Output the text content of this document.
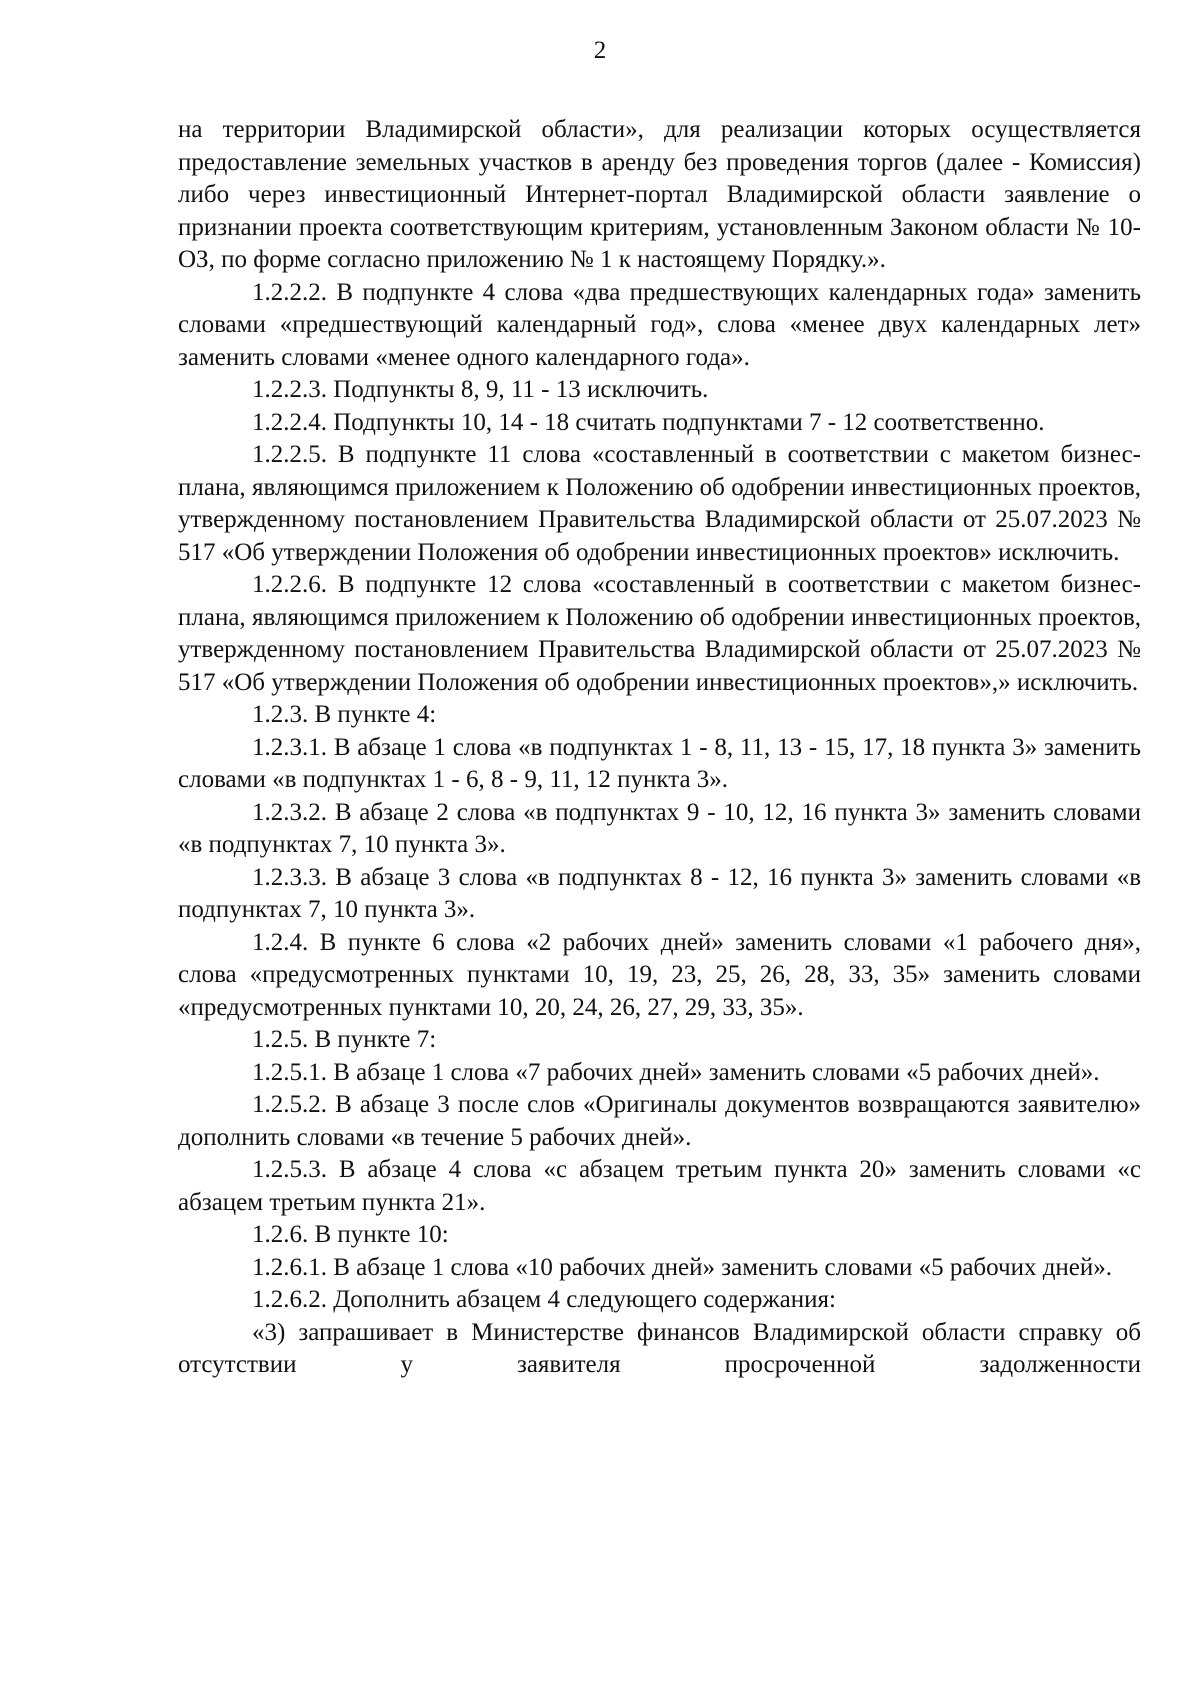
2

на территории Владимирской области», для реализации которых осуществляется предоставление земельных участков в аренду без проведения торгов (далее - Комиссия) либо через инвестиционный Интернет-портал Владимирской области заявление о признании проекта соответствующим критериям, установленным Законом области № 10-ОЗ, по форме согласно приложению № 1 к настоящему Порядку.».

1.2.2.2. В подпункте 4 слова «два предшествующих календарных года» заменить словами «предшествующий календарный год», слова «менее двух календарных лет» заменить словами «менее одного календарного года».

1.2.2.3. Подпункты 8, 9, 11 - 13 исключить.

1.2.2.4. Подпункты 10, 14 - 18 считать подпунктами 7 - 12 соответственно.

1.2.2.5. В подпункте 11 слова «составленный в соответствии с макетом бизнес-плана, являющимся приложением к Положению об одобрении инвестиционных проектов, утвержденному постановлением Правительства Владимирской области от 25.07.2023 № 517 «Об утверждении Положения об одобрении инвестиционных проектов» исключить.

1.2.2.6. В подпункте 12 слова «составленный в соответствии с макетом бизнес-плана, являющимся приложением к Положению об одобрении инвестиционных проектов, утвержденному постановлением Правительства Владимирской области от 25.07.2023 № 517 «Об утверждении Положения об одобрении инвестиционных проектов»,» исключить.

1.2.3. В пункте 4:

1.2.3.1. В абзаце 1 слова «в подпунктах 1 - 8, 11, 13 - 15, 17, 18 пункта 3» заменить словами «в подпунктах 1 - 6, 8 - 9, 11, 12 пункта 3».

1.2.3.2. В абзаце 2 слова «в подпунктах 9 - 10, 12, 16 пункта 3» заменить словами «в подпунктах 7, 10 пункта 3».

1.2.3.3. В абзаце 3 слова «в подпунктах 8 - 12, 16 пункта 3» заменить словами «в подпунктах 7, 10 пункта 3».

1.2.4. В пункте 6 слова «2 рабочих дней» заменить словами «1 рабочего дня», слова «предусмотренных пунктами 10, 19, 23, 25, 26, 28, 33, 35» заменить словами «предусмотренных пунктами 10, 20, 24, 26, 27, 29, 33, 35».

1.2.5. В пункте 7:

1.2.5.1. В абзаце 1 слова «7 рабочих дней» заменить словами «5 рабочих дней».

1.2.5.2. В абзаце 3 после слов «Оригиналы документов возвращаются заявителю» дополнить словами «в течение 5 рабочих дней».

1.2.5.3. В абзаце 4 слова «с абзацем третьим пункта 20» заменить словами «с абзацем третьим пункта 21».

1.2.6. В пункте 10:

1.2.6.1. В абзаце 1 слова «10 рабочих дней» заменить словами «5 рабочих дней».

1.2.6.2. Дополнить абзацем 4 следующего содержания:

«3) запрашивает в Министерстве финансов Владимирской области справку об отсутствии у заявителя просроченной задолженности
